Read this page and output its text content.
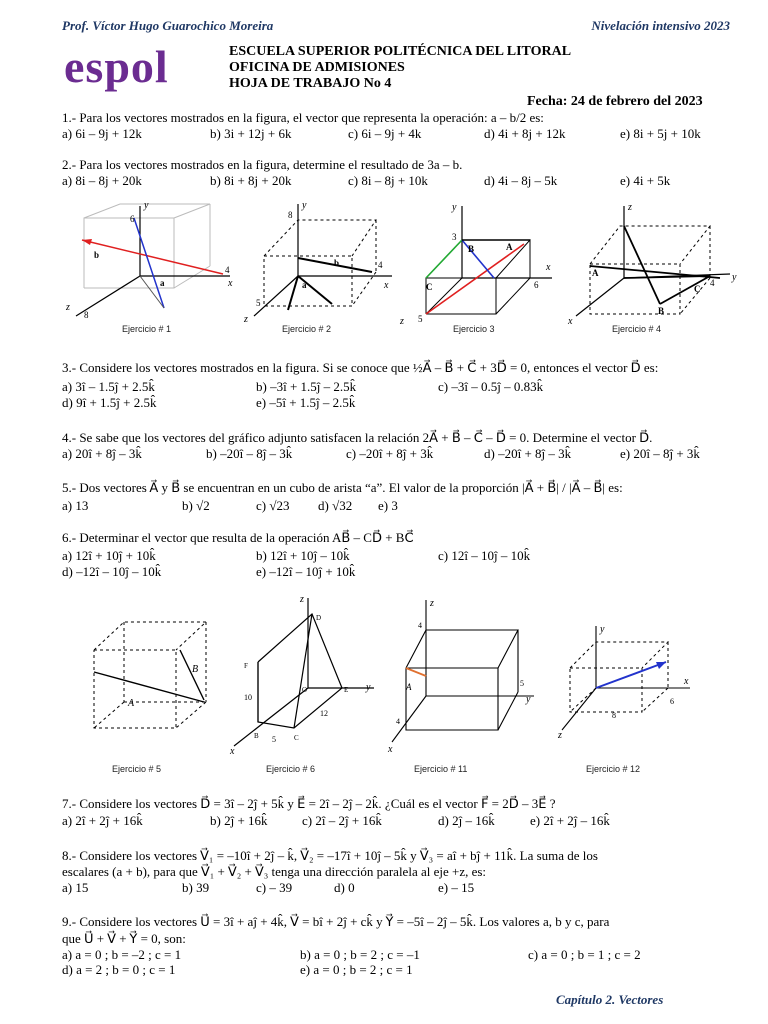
Prof. Víctor Hugo Guarochico Moreira	Nivelación intensivo 2023
espol	ESCUELA SUPERIOR POLITÉCNICA DEL LITORAL
OFICINA DE ADMISIONES
HOJA DE TRABAJO No 4
Fecha: 24 de febrero del 2023
1.- Para los vectores mostrados en la figura, el vector que representa la operación: a – b/2 es:
a) 6i – 9j + 12k	b) 3i + 12j + 6k	c) 6i – 9j + 4k	d) 4i + 8j + 12k	e) 8i + 5j + 10k
2.- Para los vectores mostrados en la figura, determine el resultado de 3a – b.
a) 8i – 8j + 20k	b) 8i + 8j + 20k	c) 8i – 8j + 10k	d) 4i – 8j – 5k	e) 4i + 5k
6
y
b
a
4
x
z
8
Ejercicio # 1
8
y
b
a
4
x
5
z
Ejercicio # 2
y
3
B	A
C	6
x
5
z
Ejercicio 3
z
A
C
B
4 y
x
Ejercicio # 4
3.- Considere los vectores mostrados en la figura. Si se conoce que ½A⃗ – B⃗ + C⃗ + 3D⃗ = 0, entonces el vector D⃗ es:
a) 3î – 1.5ĵ + 2.5k̂	b) –3î + 1.5ĵ – 2.5k̂	c) –3î – 0.5ĵ – 0.83k̂
d) 9î + 1.5ĵ + 2.5k̂	e) –5î + 1.5ĵ – 2.5k̂
4.- Se sabe que los vectores del gráfico adjunto satisfacen la relación 2A⃗ + B⃗ – C⃗ – D⃗ = 0. Determine el vector D⃗.
a) 20î + 8ĵ – 3k̂	b) –20î – 8ĵ – 3k̂	c) –20î + 8ĵ + 3k̂	d) –20î + 8ĵ – 3k̂	e) 20î – 8ĵ + 3k̂
5.- Dos vectores A⃗ y B⃗ se encuentran en un cubo de arista “a”. El valor de la proporción |A⃗ + B⃗| / |A⃗ – B⃗| es:
a) 13	b) √2	c) √23 d) √32 e) 3
6.- Determinar el vector que resulta de la operación AB⃗ – CD⃗ + BC⃗
a) 12î + 10ĵ + 10k̂	b) 12î + 10ĵ – 10k̂	c) 12î – 10ĵ – 10k̂
d) –12î – 10ĵ – 10k̂	e) –12î – 10ĵ + 10k̂
A⃗
B⃗
Ejercicio # 5
z
D
F
10
O	E y
12
B	C
5
x
Ejercicio # 6
z
4
A⃗	5
y
4
x
Ejercicio # 11
y
x
6
8
z
Ejercicio # 12
7.- Considere los vectores D⃗ = 3î – 2ĵ + 5k̂ y E⃗ = 2î – 2ĵ – 2k̂. ¿Cuál es el vector F⃗ = 2D⃗ – 3E⃗ ?
a) 2î + 2ĵ + 16k̂	b) 2ĵ + 16k̂	c) 2î – 2ĵ + 16k̂	d) 2ĵ – 16k̂	e) 2î + 2ĵ – 16k̂
8.- Considere los vectores V⃗₁ = –10î + 2ĵ – k̂, V⃗₂ = –17î + 10ĵ – 5k̂ y V⃗₃ = aî + bĵ + 11k̂. La suma de los
escalares (a + b), para que V⃗₁ + V⃗₂ + V⃗₃ tenga una dirección paralela al eje +z, es:
a) 15	b) 39	c) – 39	d) 0	e) – 15
9.- Considere los vectores U⃗ = 3î + aĵ + 4k̂, V⃗ = bî + 2ĵ + ck̂ y Y⃗ = –5î – 2ĵ – 5k̂. Los valores a, b y c, para
que U⃗ + V⃗ + Y⃗ = 0, son:
a) a = 0 ; b = –2 ; c = 1	b) a = 0 ; b = 2 ; c = –1	c) a = 0 ; b = 1 ; c = 2
d) a = 2 ; b = 0 ; c = 1	e) a = 0 ; b = 2 ; c = 1
Capítulo 2. Vectores
